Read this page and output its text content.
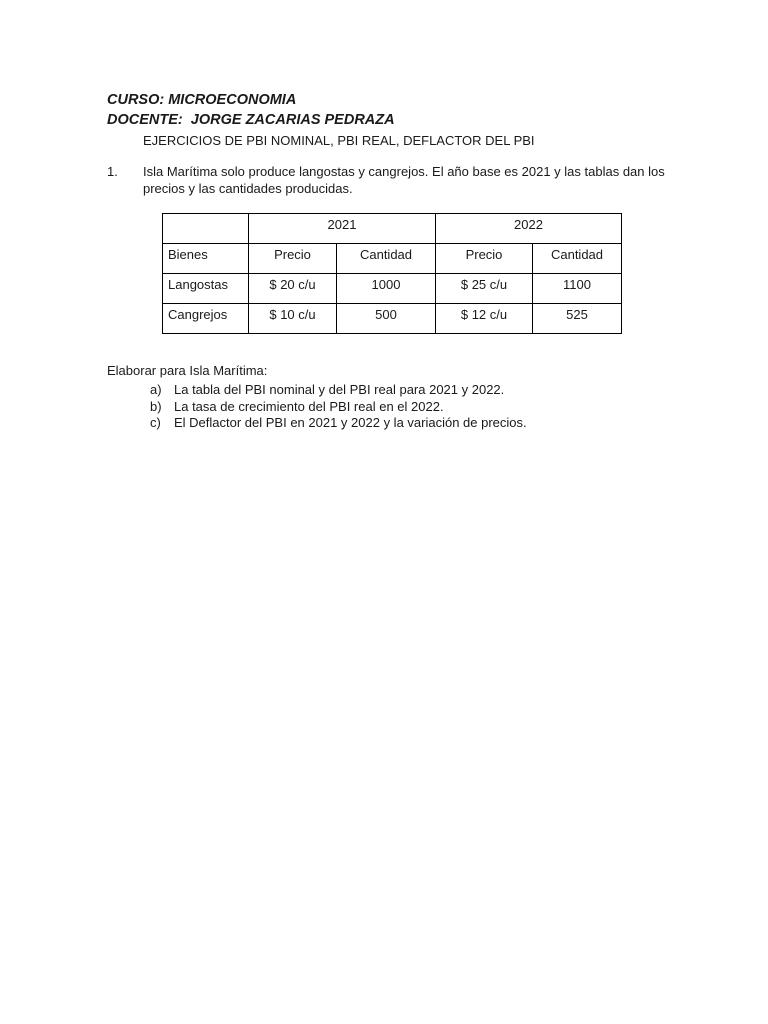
CURSO: MICROECONOMIA
DOCENTE:  JORGE ZACARIAS PEDRAZA
EJERCICIOS DE PBI NOMINAL, PBI REAL, DEFLACTOR DEL PBI
1. Isla Marítima solo produce langostas y cangrejos. El año base es 2021 y las tablas dan los precios y las cantidades producidas.
	2021		2022	
Bienes	Precio	Cantidad	Precio	Cantidad
Langostas	$ 20 c/u	1000	$ 25 c/u	1100
Cangrejos	$ 10 c/u	500	$ 12 c/u	525
Elaborar para Isla Marítima:
a) La tabla del PBI nominal y del PBI real para 2021 y 2022.
b) La tasa de crecimiento del PBI real en el 2022.
c) El Deflactor del PBI en 2021 y 2022 y la variación de precios.
